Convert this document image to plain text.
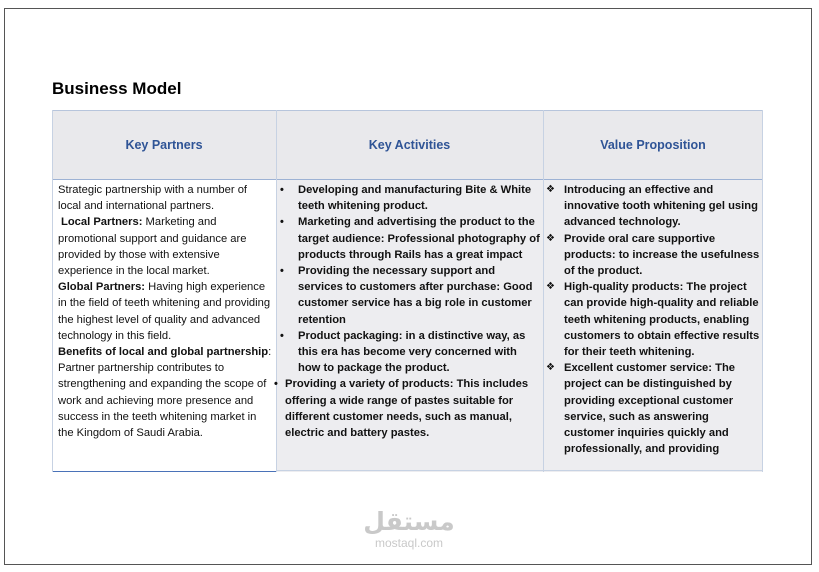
Business Model
Key Partners	Key Activities	Value Proposition
Strategic partnership with a number of local and international partners.
Local Partners: Marketing and promotional support and guidance are provided by those with extensive experience in the local market.
Global Partners: Having high experience in the field of teeth whitening and providing the highest level of quality and advanced technology in this field.
Benefits of local and global partnership: Partner partnership contributes to strengthening and expanding the scope of work and achieving more presence and success in the teeth whitening market in the Kingdom of Saudi Arabia.
• Developing and manufacturing Bite & White teeth whitening product.
• Marketing and advertising the product to the target audience: Professional photography of products through Rails has a great impact
• Providing the necessary support and services to customers after purchase: Good customer service has a big role in customer retention
• Product packaging: in a distinctive way, as this era has become very concerned with how to package the product.
• Providing a variety of products: This includes offering a wide range of pastes suitable for different customer needs, such as manual, electric and battery pastes.
❖ Introducing an effective and innovative tooth whitening gel using advanced technology.
❖ Provide oral care supportive products: to increase the usefulness of the product.
❖ High-quality products: The project can provide high-quality and reliable teeth whitening products, enabling customers to obtain effective results for their teeth whitening.
❖ Excellent customer service: The project can be distinguished by providing exceptional customer service, such as answering customer inquiries quickly and professionally, and providing
مستقل
mostaql.com
